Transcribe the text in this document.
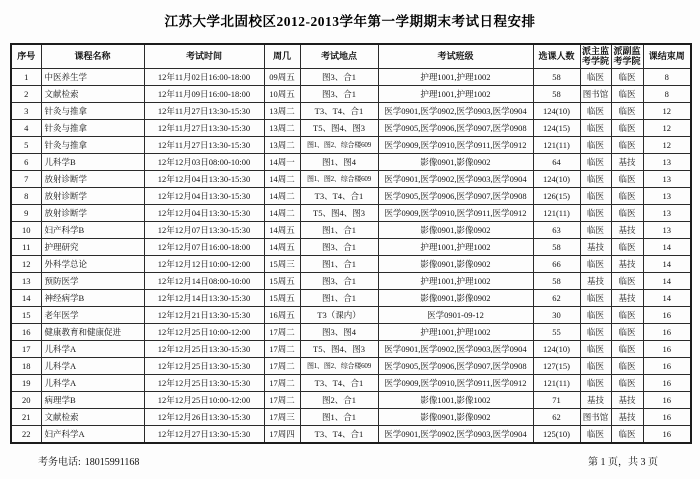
江苏大学北固校区2012-2013学年第一学期期末考试日程安排
序号	课程名称	考试时间	周几	考试地点	考试班级	选课人数	派主监考学院	派副监考学院	课结束周
1	中医养生学	12年11月02日16:00-18:00	09周五	图3、合1	护理1001,护理1002	58	临医	临医	8
2	文献检索	12年11月09日16:00-18:00	10周五	图3、合1	护理1001,护理1002	58	图书馆	临医	8
3	针灸与推拿	12年11月27日13:30-15:30	13周二	T3、T4、合1	医学0901,医学0902,医学0903,医学0904	124(10)	临医	临医	12
4	针灸与推拿	12年11月27日13:30-15:30	13周二	T5、图4、图3	医学0905,医学0906,医学0907,医学0908	124(15)	临医	临医	12
5	针灸与推拿	12年11月27日13:30-15:30	13周二	图1、图2、综合楼609	医学0909,医学0910,医学0911,医学0912	121(11)	临医	临医	12
6	儿科学B	12年12月03日08:00-10:00	14周一	图1、图4	影像0901,影像0902	64	临医	基技	13
7	放射诊断学	12年12月04日13:30-15:30	14周二	图1、图2、综合楼609	医学0901,医学0902,医学0903,医学0904	124(10)	临医	临医	13
8	放射诊断学	12年12月04日13:30-15:30	14周二	T3、T4、合1	医学0905,医学0906,医学0907,医学0908	126(15)	临医	临医	13
9	放射诊断学	12年12月04日13:30-15:30	14周二	T5、图4、图3	医学0909,医学0910,医学0911,医学0912	121(11)	临医	临医	13
10	妇产科学B	12年12月07日13:30-15:30	14周五	图1、合1	影像0901,影像0902	63	临医	基技	13
11	护理研究	12年12月07日16:00-18:00	14周五	图3、合1	护理1001,护理1002	58	基技	临医	14
12	外科学总论	12年12月12日10:00-12:00	15周三	图1、合1	影像0901,影像0902	66	临医	基技	14
13	预防医学	12年12月14日08:00-10:00	15周五	图3、合1	护理1001,护理1002	58	基技	临医	14
14	神经病学B	12年12月14日13:30-15:30	15周五	图1、合1	影像0901,影像0902	62	临医	基技	14
15	老年医学	12年12月21日13:30-15:30	16周五	T3（课内）	医学0901-09-12	30	临医	临医	16
16	健康教育和健康促进	12年12月25日10:00-12:00	17周二	图3、图4	护理1001,护理1002	55	临医	临医	16
17	儿科学A	12年12月25日13:30-15:30	17周二	T5、图4、图3	医学0901,医学0902,医学0903,医学0904	124(10)	临医	临医	16
18	儿科学A	12年12月25日13:30-15:30	17周二	图1、图2、综合楼609	医学0905,医学0906,医学0907,医学0908	127(15)	临医	临医	16
19	儿科学A	12年12月25日13:30-15:30	17周二	T3、T4、合1	医学0909,医学0910,医学0911,医学0912	121(11)	临医	临医	16
20	病理学B	12年12月25日10:00-12:00	17周二	图2、合1	影像1001,影像1002	71	基技	基技	16
21	文献检索	12年12月26日13:30-15:30	17周三	图1、合1	影像0901,影像0902	62	图书馆	基技	16
22	妇产科学A	12年12月27日13:30-15:30	17周四	T3、T4、合1	医学0901,医学0902,医学0903,医学0904	125(10)	临医	临医	16
考务电话: 18015991168	第 1 页，共 3 页
